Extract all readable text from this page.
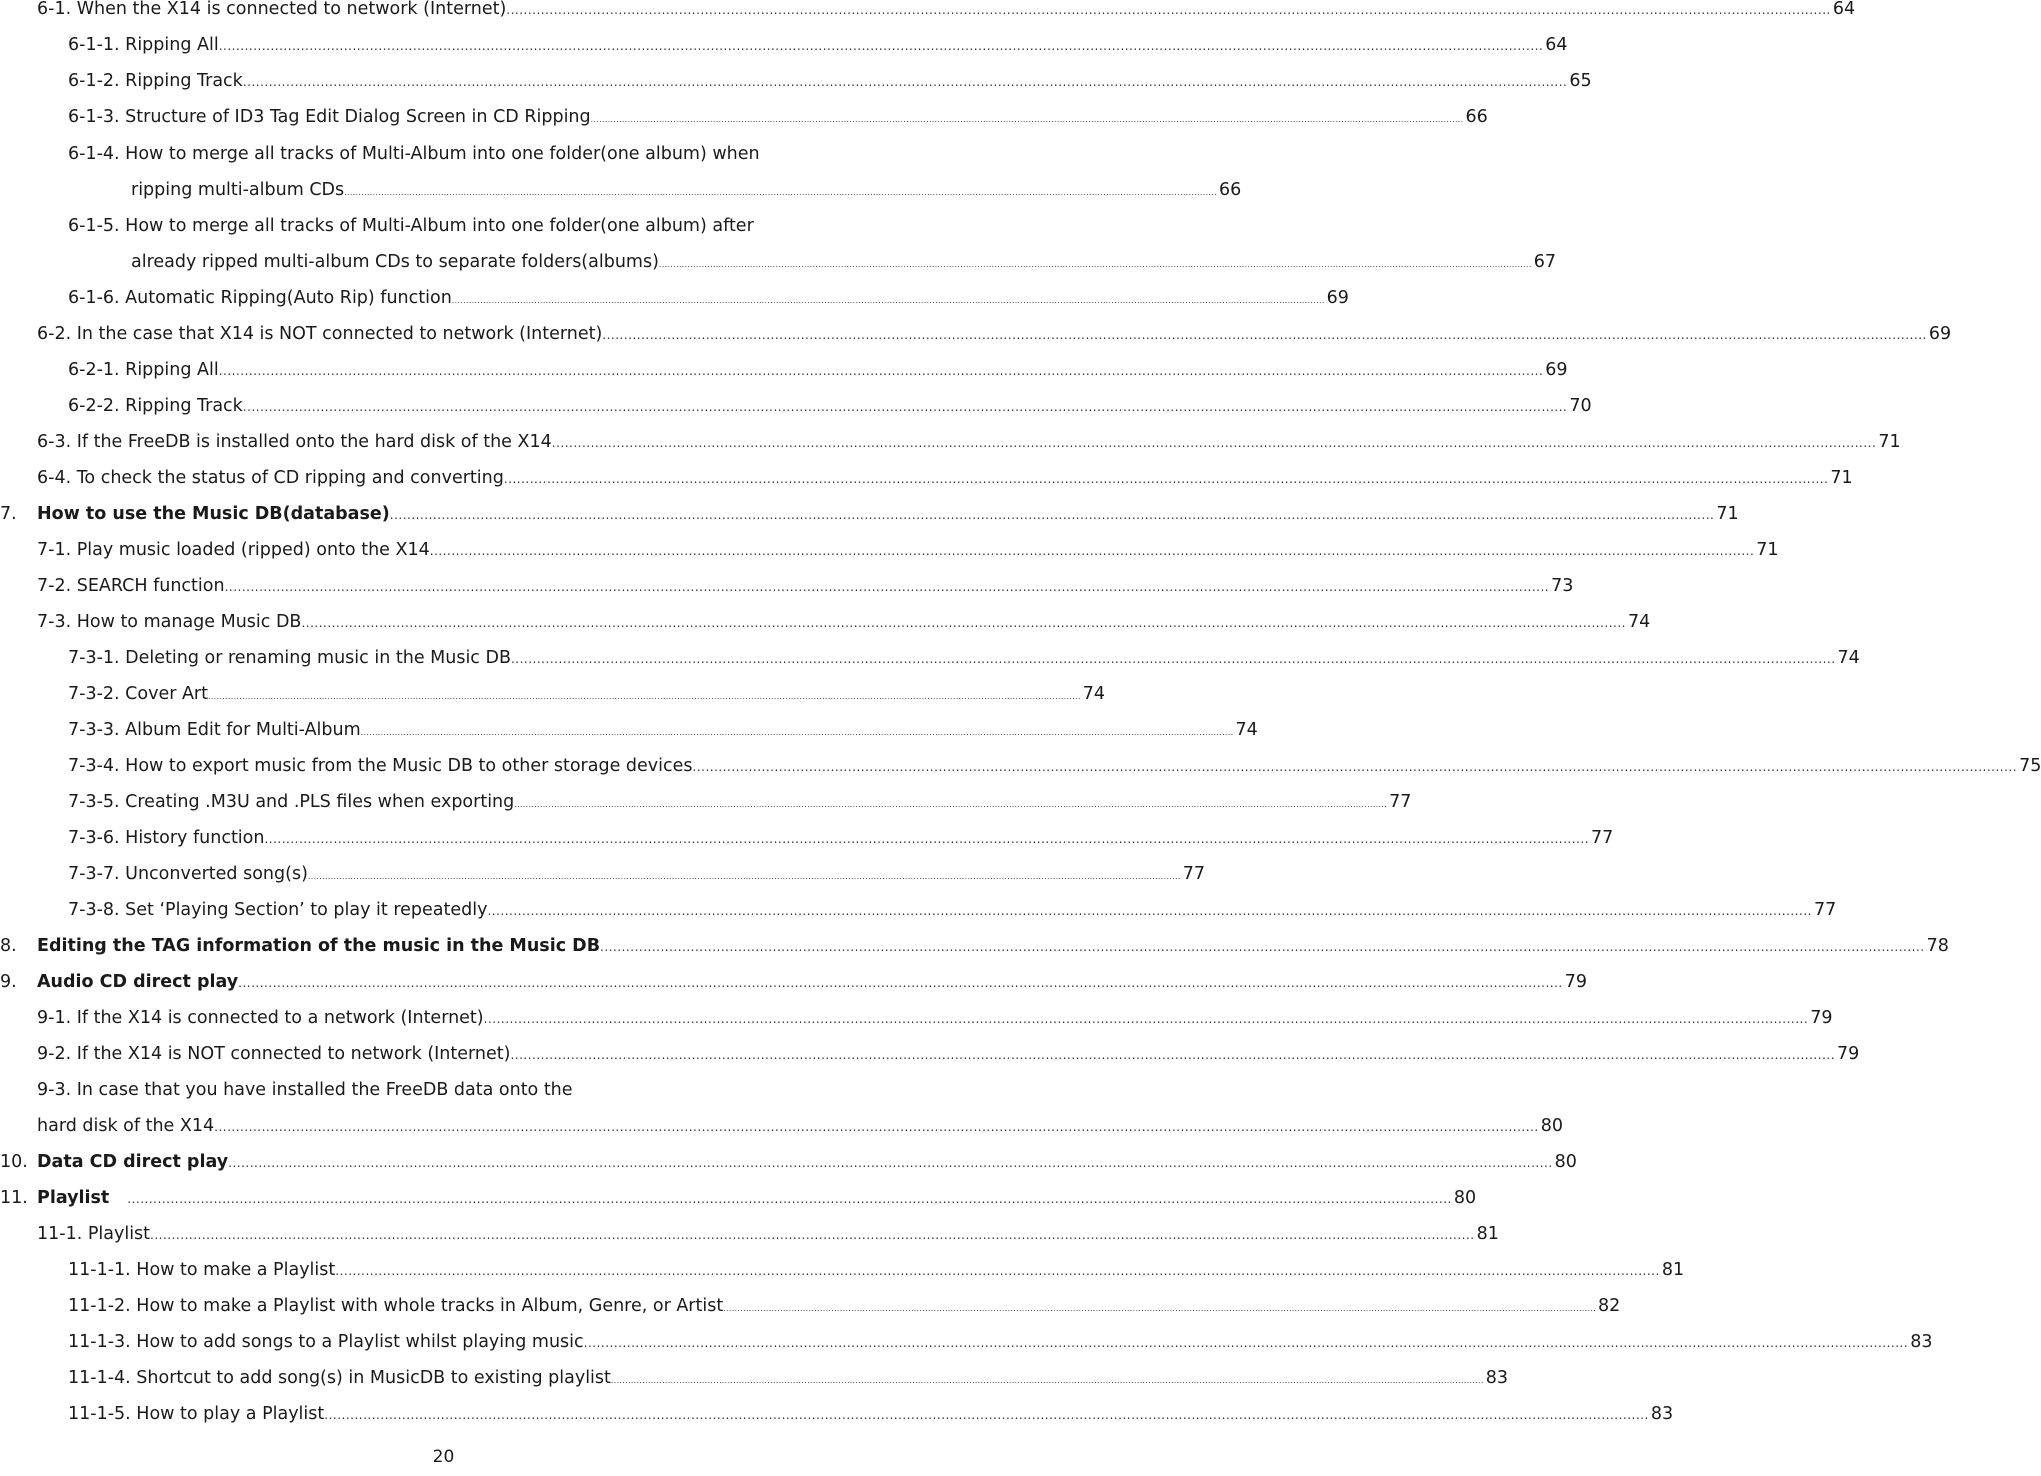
6-1. When the X14 is connected to network (Internet) ................................................................................................................................................................................................................................................................................................................... 64
6-1-1. Ripping All ................................................................................................................................................................................................................................................................................................................... 64
6-1-2. Ripping Track ................................................................................................................................................................................................................................................................................................................... 65
6-1-3. Structure of ID3 Tag Edit Dialog Screen in CD Ripping ................................................................................................................................................................................................................................................................................................................... 66
6-1-4. How to merge all tracks of Multi-Album into one folder(one album) when
ripping multi-album CDs ................................................................................................................................................................................................................................................................................................................... 66
6-1-5. How to merge all tracks of Multi-Album into one folder(one album) after
already ripped multi-album CDs to separate folders(albums) ................................................................................................................................................................................................................................................................................................................... 67
6-1-6. Automatic Ripping(Auto Rip) function ................................................................................................................................................................................................................................................................................................................... 69
6-2. In the case that X14 is NOT connected to network (Internet) ................................................................................................................................................................................................................................................................................................................... 69
6-2-1. Ripping All ................................................................................................................................................................................................................................................................................................................... 69
6-2-2. Ripping Track ................................................................................................................................................................................................................................................................................................................... 70
6-3. If the FreeDB is installed onto the hard disk of the X14 ................................................................................................................................................................................................................................................................................................................... 71
6-4. To check the status of CD ripping and converting ................................................................................................................................................................................................................................................................................................................... 71
7. How to use the Music DB(database) ................................................................................................................................................................................................................................................................................................................... 71
7-1. Play music loaded (ripped) onto the X14 ................................................................................................................................................................................................................................................................................................................... 71
7-2. SEARCH function ................................................................................................................................................................................................................................................................................................................... 73
7-3. How to manage Music DB ................................................................................................................................................................................................................................................................................................................... 74
7-3-1. Deleting or renaming music in the Music DB ................................................................................................................................................................................................................................................................................................................... 74
7-3-2. Cover Art ................................................................................................................................................................................................................................................................................................................... 74
7-3-3. Album Edit for Multi-Album ................................................................................................................................................................................................................................................................................................................... 74
7-3-4. How to export music from the Music DB to other storage devices ................................................................................................................................................................................................................................................................................................................... 75
7-3-5. Creating .M3U and .PLS files when exporting ................................................................................................................................................................................................................................................................................................................... 77
7-3-6. History function ................................................................................................................................................................................................................................................................................................................... 77
7-3-7. Unconverted song(s) ................................................................................................................................................................................................................................................................................................................... 77
7-3-8. Set ‘Playing Section’ to play it repeatedly ................................................................................................................................................................................................................................................................................................................... 77
8. Editing the TAG information of the music in the Music DB ................................................................................................................................................................................................................................................................................................................... 78
9. Audio CD direct play ................................................................................................................................................................................................................................................................................................................... 79
9-1. If the X14 is connected to a network (Internet) ................................................................................................................................................................................................................................................................................................................... 79
9-2. If the X14 is NOT connected to network (Internet) ................................................................................................................................................................................................................................................................................................................... 79
9-3. In case that you have installed the FreeDB data onto the
hard disk of the X14 ................................................................................................................................................................................................................................................................................................................... 80
10. Data CD direct play ................................................................................................................................................................................................................................................................................................................... 80
11. Playlist	................................................................................................................................................................................................................................................................................................................... 80
11-1. Playlist ................................................................................................................................................................................................................................................................................................................... 81
11-1-1. How to make a Playlist ................................................................................................................................................................................................................................................................................................................... 81
11-1-2. How to make a Playlist with whole tracks in Album, Genre, or Artist ................................................................................................................................................................................................................................................................................................................... 82
11-1-3. How to add songs to a Playlist whilst playing music ................................................................................................................................................................................................................................................................................................................... 83
11-1-4. Shortcut to add song(s) in MusicDB to existing playlist ................................................................................................................................................................................................................................................................................................................... 83
11-1-5. How to play a Playlist ................................................................................................................................................................................................................................................................................................................... 83
20
